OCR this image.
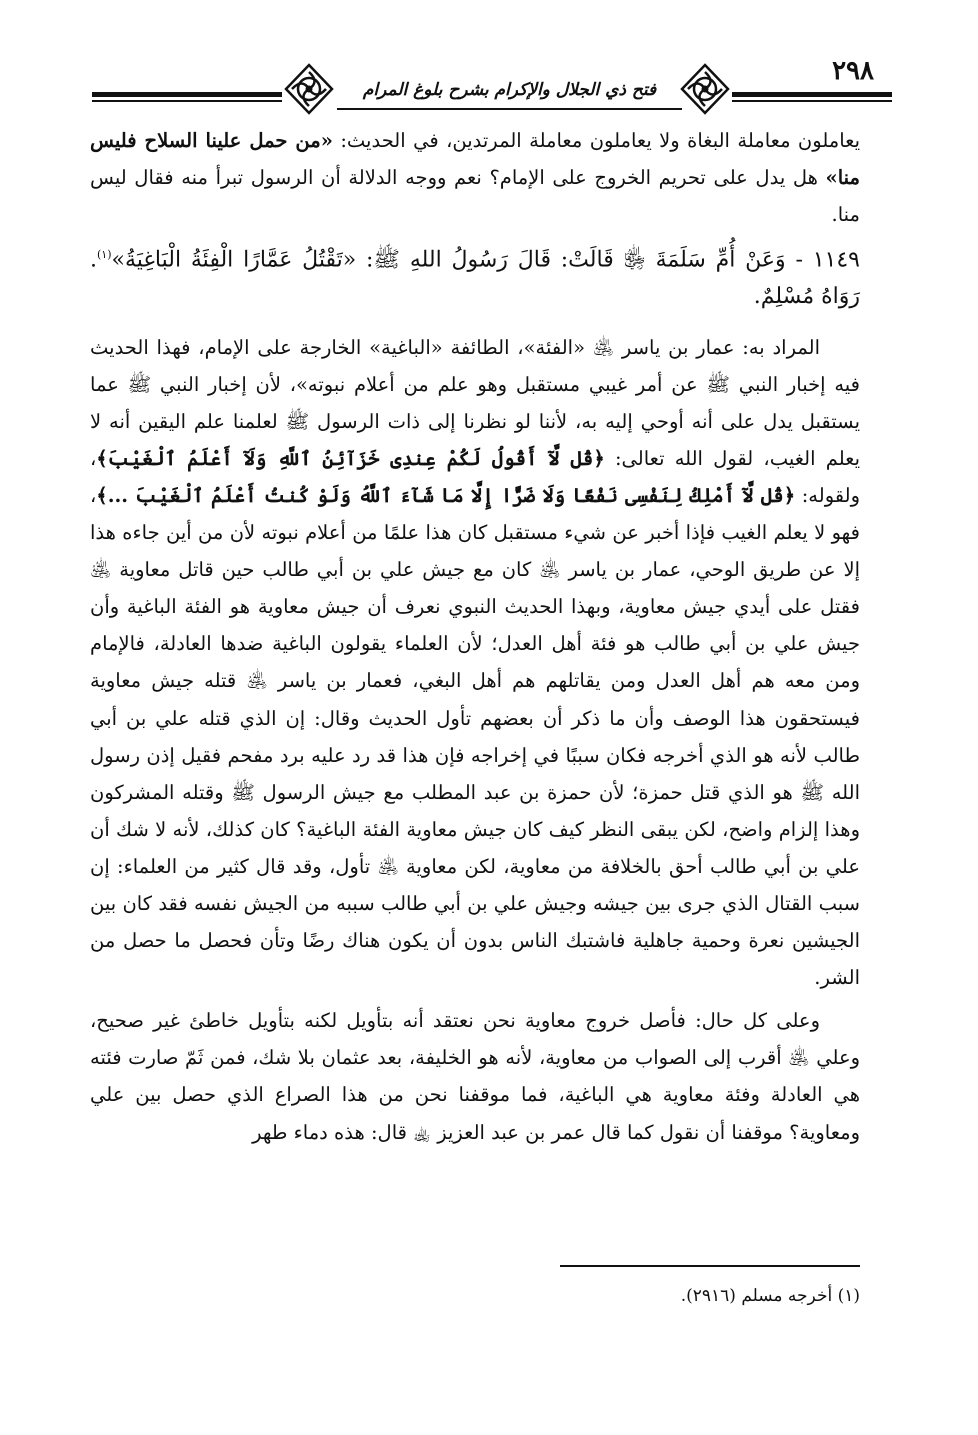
٢٩٨
فتح ذي الجلال والإكرام بشرح بلوغ المرام

يعاملون معاملة البغاة ولا يعاملون معاملة المرتدين، في الحديث: «من حمل علينا السلاح فليس منا» هل يدل على تحريم الخروج على الإمام؟ نعم ووجه الدلالة أن الرسول تبرأ منه فقال ليس منا.

١١٤٩ - وَعَنْ أُمِّ سَلَمَةَ ﵂ قَالَتْ: قَالَ رَسُولُ اللهِ ﷺ: «تَقْتُلُ عَمَّارًا الْفِئَةُ الْبَاغِيَةُ»$^{(١)}$. رَوَاهُ مُسْلِمٌ.

المراد به: عمار بن ياسر ﵁ «الفئة»، الطائفة «الباغية» الخارجة على الإمام، فهذا الحديث فيه إخبار النبي ﷺ عن أمر غيبي مستقبل وهو علم من أعلام نبوته»، لأن إخبار النبي ﷺ عما يستقبل يدل على أنه أوحي إليه به، لأننا لو نظرنا إلى ذات الرسول ﷺ لعلمنا علم اليقين أنه لا يعلم الغيب، لقول الله تعالى: ﴿قُل لَّآ أَقُولُ لَكُمْ عِندِى خَزَآئِنُ ٱللَّهِ وَلَآ أَعْلَمُ ٱلْغَيْبَ﴾، ولقوله: ﴿قُل لَّآ أَمْلِكُ لِنَفْسِى نَفْعًا وَلَا ضَرًّا إِلَّا مَا شَآءَ ٱللَّهُ وَلَوْ كُنتُ أَعْلَمُ ٱلْغَيْبَ ...﴾، فهو لا يعلم الغيب فإذا أخبر عن شيء مستقبل كان هذا علمًا من أعلام نبوته لأن من أين جاءه هذا إلا عن طريق الوحي، عمار بن ياسر ﵁ كان مع جيش علي بن أبي طالب حين قاتل معاوية ﵁ فقتل على أيدي جيش معاوية، وبهذا الحديث النبوي نعرف أن جيش معاوية هو الفئة الباغية وأن جيش علي بن أبي طالب هو فئة أهل العدل؛ لأن العلماء يقولون الباغية ضدها العادلة، فالإمام ومن معه هم أهل العدل ومن يقاتلهم هم أهل البغي، فعمار بن ياسر ﵁ قتله جيش معاوية فيستحقون هذا الوصف وأن ما ذكر أن بعضهم تأول الحديث وقال: إن الذي قتله علي بن أبي طالب لأنه هو الذي أخرجه فكان سببًا في إخراجه فإن هذا قد رد عليه برد مفحم فقيل إذن رسول الله ﷺ هو الذي قتل حمزة؛ لأن حمزة بن عبد المطلب مع جيش الرسول ﷺ وقتله المشركون وهذا إلزام واضح، لكن يبقى النظر كيف كان جيش معاوية الفئة الباغية؟ كان كذلك، لأنه لا شك أن علي بن أبي طالب أحق بالخلافة من معاوية، لكن معاوية ﵁ تأول، وقد قال كثير من العلماء: إن سبب القتال الذي جرى بين جيشه وجيش علي بن أبي طالب سببه من الجيش نفسه فقد كان بين الجيشين نعرة وحمية جاهلية فاشتبك الناس بدون أن يكون هناك رضًا وتأن فحصل ما حصل من الشر.

وعلى كل حال: فأصل خروج معاوية نحن نعتقد أنه بتأويل لكنه بتأويل خاطئ غير صحيح، وعلي ﵁ أقرب إلى الصواب من معاوية، لأنه هو الخليفة، بعد عثمان بلا شك، فمن ثَمّ صارت فئته هي العادلة وفئة معاوية هي الباغية، فما موقفنا نحن من هذا الصراع الذي حصل بين علي ومعاوية؟ موقفنا أن نقول كما قال عمر بن عبد العزيز ﵀ قال: هذه دماء طهر

(١) أخرجه مسلم (٢٩١٦).
